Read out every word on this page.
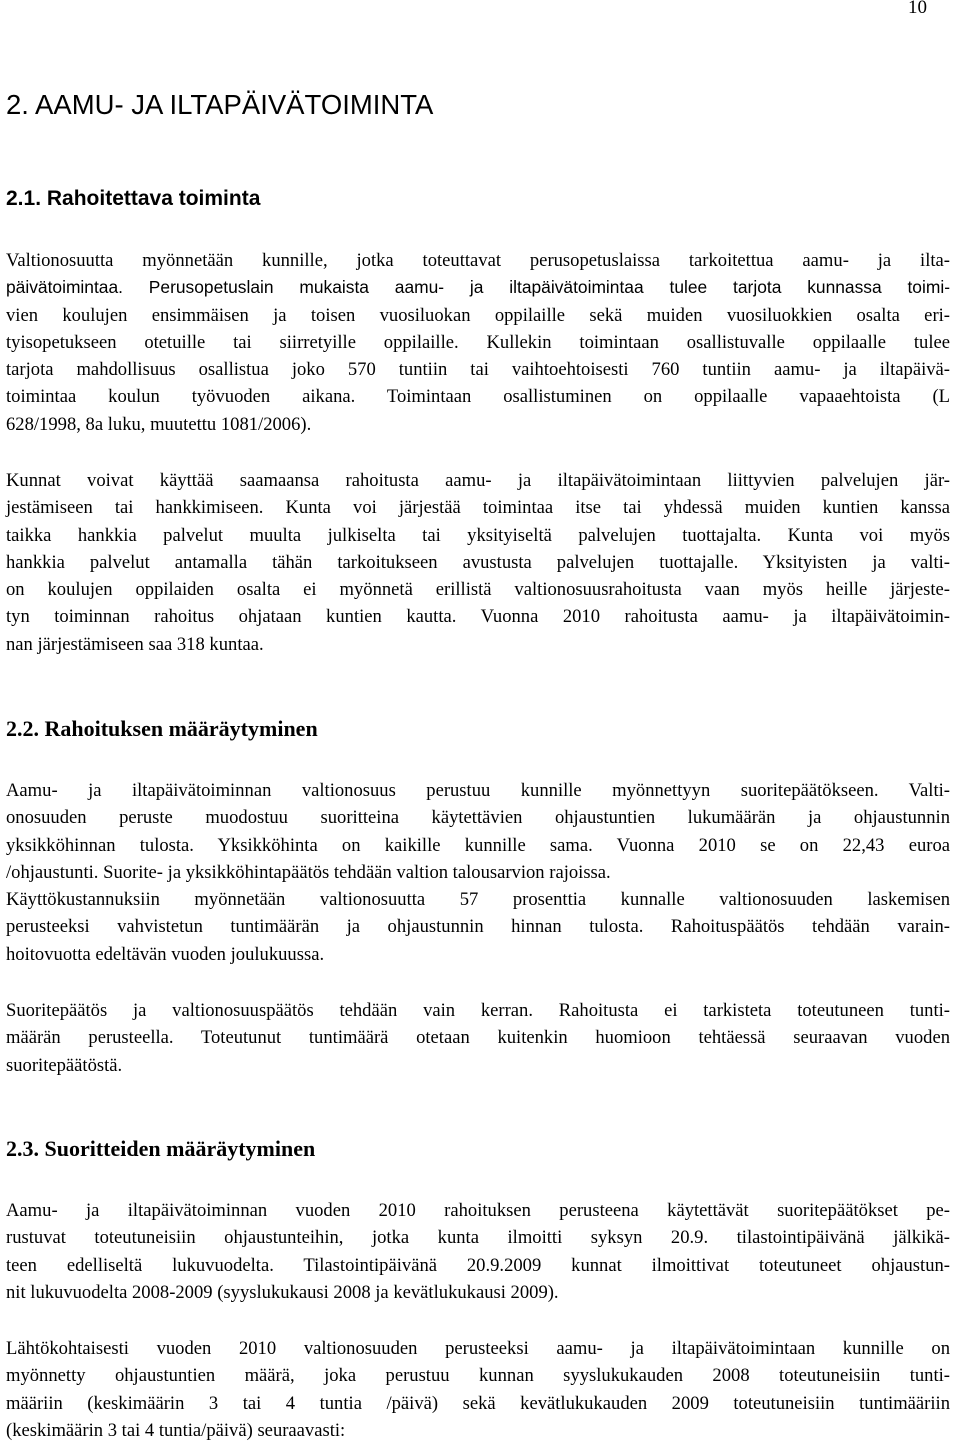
10
2. AAMU- JA ILTAPÄIVÄTOIMINTA
2.1. Rahoitettava toiminta
Valtionosuutta myönnetään kunnille, jotka toteuttavat perusopetuslaissa tarkoitettua aamu- ja ilta-
päivätoimintaa. Perusopetuslain mukaista aamu- ja iltapäivätoimintaa tulee tarjota kunnassa toimi-
vien koulujen ensimmäisen ja toisen vuosiluokan oppilaille sekä muiden vuosiluokkien osalta eri-
tyisopetukseen otetuille tai siirretyille oppilaille. Kullekin toimintaan osallistuvalle oppilaalle tulee
tarjota mahdollisuus osallistua joko 570 tuntiin tai vaihtoehtoisesti 760 tuntiin aamu- ja iltapäivä-
toimintaa koulun työvuoden aikana. Toimintaan osallistuminen on oppilaalle vapaaehtoista (L
628/1998, 8a luku, muutettu 1081/2006).
Kunnat voivat käyttää saamaansa rahoitusta aamu- ja iltapäivätoimintaan liittyvien palvelujen jär-
jestämiseen tai hankkimiseen. Kunta voi järjestää toimintaa itse tai yhdessä muiden kuntien kanssa
taikka hankkia palvelut muulta julkiselta tai yksityiseltä palvelujen tuottajalta. Kunta voi myös
hankkia palvelut antamalla tähän tarkoitukseen avustusta palvelujen tuottajalle. Yksityisten ja valti-
on koulujen oppilaiden osalta ei myönnetä erillistä valtionosuusrahoitusta vaan myös heille järjeste-
tyn toiminnan rahoitus ohjataan kuntien kautta. Vuonna 2010 rahoitusta aamu- ja iltapäivätoimin-
nan järjestämiseen saa 318 kuntaa.
2.2. Rahoituksen määräytyminen
Aamu- ja iltapäivätoiminnan valtionosuus perustuu kunnille myönnettyyn suoritepäätökseen. Valti-
onosuuden peruste muodostuu suoritteina käytettävien ohjaustuntien lukumäärän ja ohjaustunnin
yksikköhinnan tulosta. Yksikköhinta on kaikille kunnille sama. Vuonna 2010 se on 22,43 euroa
/ohjaustunti. Suorite- ja yksikköhintapäätös tehdään valtion talousarvion rajoissa.
Käyttökustannuksiin myönnetään valtionosuutta 57 prosenttia kunnalle valtionosuuden laskemisen
perusteeksi vahvistetun tuntimäärän ja ohjaustunnin hinnan tulosta. Rahoituspäätös tehdään varain-
hoitovuotta edeltävän vuoden joulukuussa.
Suoritepäätös ja valtionosuuspäätös tehdään vain kerran. Rahoitusta ei tarkisteta toteutuneen tunti-
määrän perusteella. Toteutunut tuntimäärä otetaan kuitenkin huomioon tehtäessä seuraavan vuoden
suoritepäätöstä.
2.3. Suoritteiden määräytyminen
Aamu- ja iltapäivätoiminnan vuoden 2010 rahoituksen perusteena käytettävät suoritepäätökset pe-
rustuvat toteutuneisiin ohjaustunteihin, jotka kunta ilmoitti syksyn 20.9. tilastointipäivänä jälkikä-
teen edelliseltä lukuvuodelta. Tilastointipäivänä 20.9.2009 kunnat ilmoittivat toteutuneet ohjaustun-
nit lukuvuodelta 2008-2009 (syyslukukausi 2008 ja kevätlukukausi 2009).
Lähtökohtaisesti vuoden 2010 valtionosuuden perusteeksi aamu- ja iltapäivätoimintaan kunnille on
myönnetty ohjaustuntien määrä, joka perustuu kunnan syyslukukauden 2008 toteutuneisiin tunti-
määriin (keskimäärin 3 tai 4 tuntia /päivä) sekä kevätlukukauden 2009 toteutuneisiin tuntimääriin
(keskimäärin 3 tai 4 tuntia/päivä) seuraavasti:
